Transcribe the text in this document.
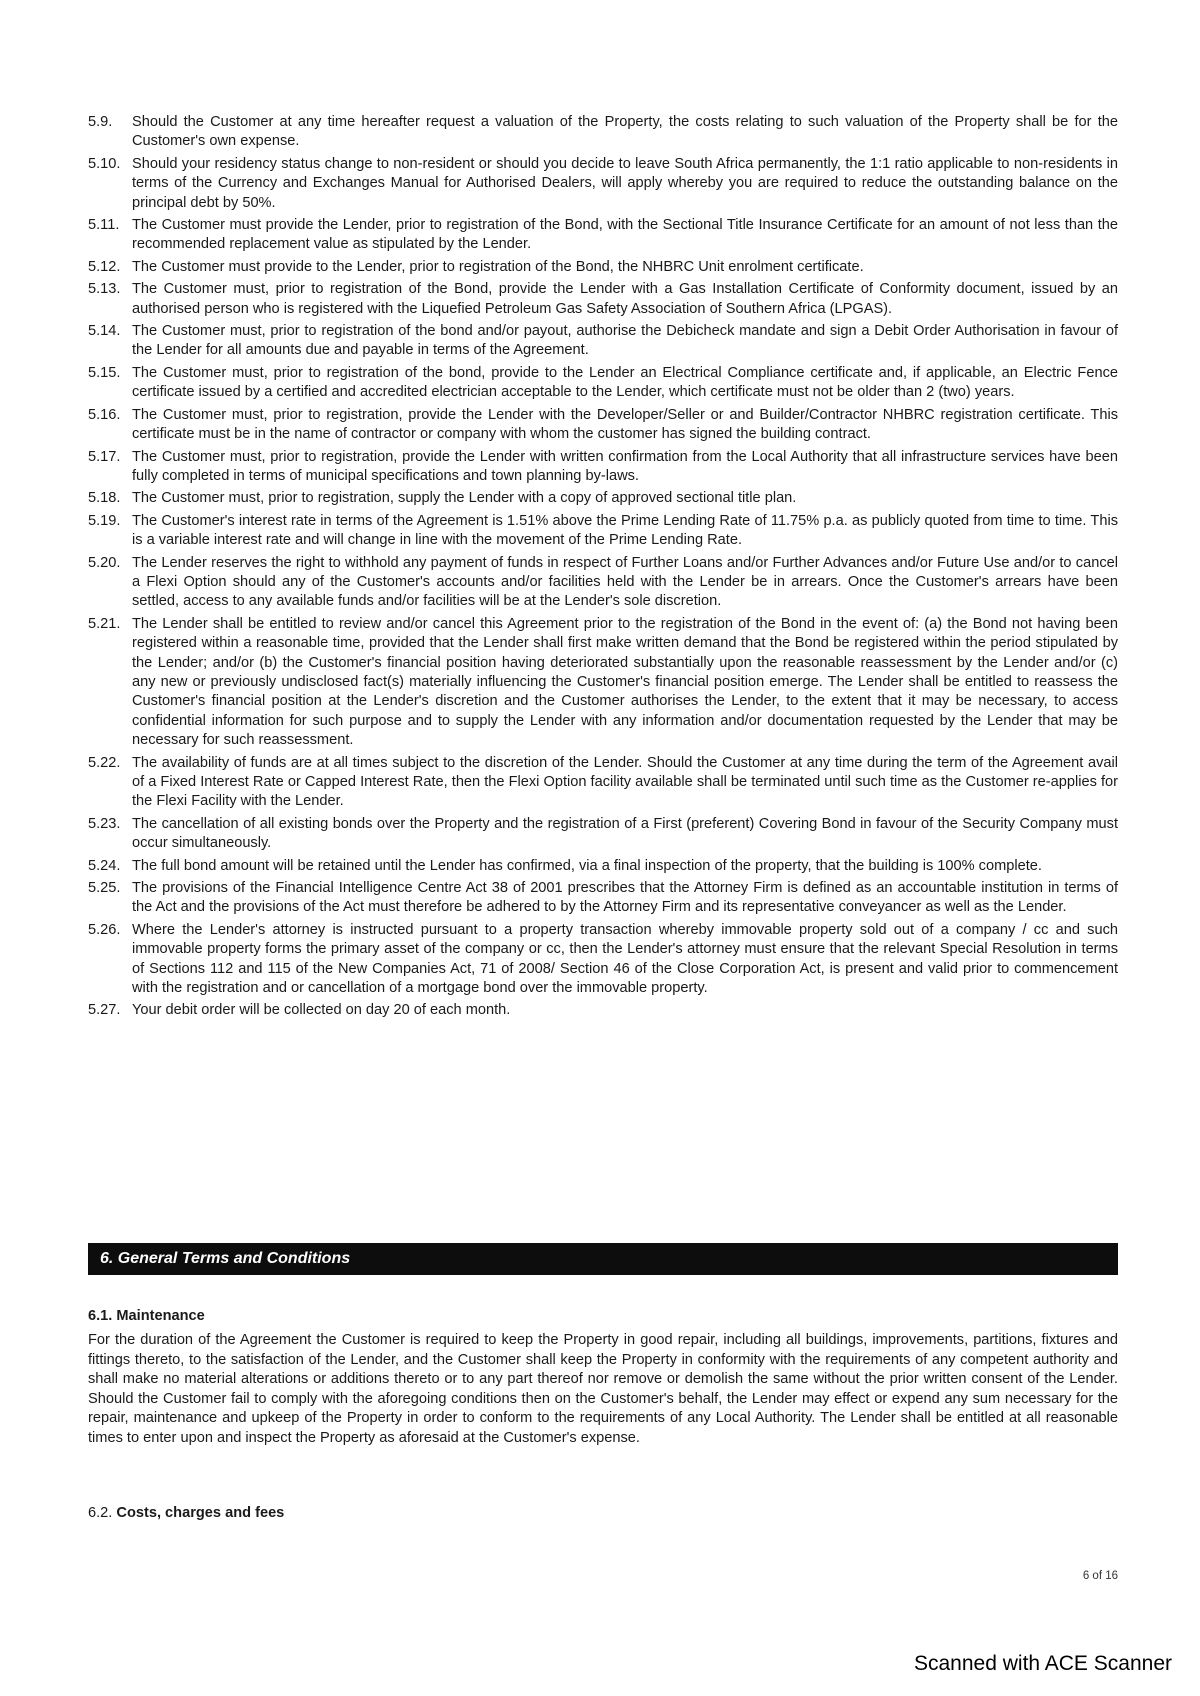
5.9.	Should the Customer at any time hereafter request a valuation of the Property, the costs relating to such valuation of the Property shall be for the Customer's own expense.
5.10. Should your residency status change to non-resident or should you decide to leave South Africa permanently, the 1:1 ratio applicable to non-residents in terms of the Currency and Exchanges Manual for Authorised Dealers, will apply whereby you are required to reduce the outstanding balance on the principal debt by 50%.
5.11. The Customer must provide the Lender, prior to registration of the Bond, with the Sectional Title Insurance Certificate for an amount of not less than the recommended replacement value as stipulated by the Lender.
5.12. The Customer must provide to the Lender, prior to registration of the Bond, the NHBRC Unit enrolment certificate.
5.13. The Customer must, prior to registration of the Bond, provide the Lender with a Gas Installation Certificate of Conformity document, issued by an authorised person who is registered with the Liquefied Petroleum Gas Safety Association of Southern Africa (LPGAS).
5.14. The Customer must, prior to registration of the bond and/or payout, authorise the Debicheck mandate and sign a Debit Order Authorisation in favour of the Lender for all amounts due and payable in terms of the Agreement.
5.15. The Customer must, prior to registration of the bond, provide to the Lender an Electrical Compliance certificate and, if applicable, an Electric Fence certificate issued by a certified and accredited electrician acceptable to the Lender, which certificate must not be older than 2 (two) years.
5.16. The Customer must, prior to registration, provide the Lender with the Developer/Seller or and Builder/Contractor NHBRC registration certificate. This certificate must be in the name of contractor or company with whom the customer has signed the building contract.
5.17. The Customer must, prior to registration, provide the Lender with written confirmation from the Local Authority that all infrastructure services have been fully completed in terms of municipal specifications and town planning by-laws.
5.18. The Customer must, prior to registration, supply the Lender with a copy of approved sectional title plan.
5.19. The Customer's interest rate in terms of the Agreement is 1.51% above the Prime Lending Rate of 11.75% p.a. as publicly quoted from time to time. This is a variable interest rate and will change in line with the movement of the Prime Lending Rate.
5.20. The Lender reserves the right to withhold any payment of funds in respect of Further Loans and/or Further Advances and/or Future Use and/or to cancel a Flexi Option should any of the Customer's accounts and/or facilities held with the Lender be in arrears. Once the Customer's arrears have been settled, access to any available funds and/or facilities will be at the Lender's sole discretion.
5.21. The Lender shall be entitled to review and/or cancel this Agreement prior to the registration of the Bond in the event of: (a) the Bond not having been registered within a reasonable time, provided that the Lender shall first make written demand that the Bond be registered within the period stipulated by the Lender; and/or (b) the Customer's financial position having deteriorated substantially upon the reasonable reassessment by the Lender and/or (c) any new or previously undisclosed fact(s) materially influencing the Customer's financial position emerge. The Lender shall be entitled to reassess the Customer's financial position at the Lender's discretion and the Customer authorises the Lender, to the extent that it may be necessary, to access confidential information for such purpose and to supply the Lender with any information and/or documentation requested by the Lender that may be necessary for such reassessment.
5.22. The availability of funds are at all times subject to the discretion of the Lender. Should the Customer at any time during the term of the Agreement avail of a Fixed Interest Rate or Capped Interest Rate, then the Flexi Option facility available shall be terminated until such time as the Customer re-applies for the Flexi Facility with the Lender.
5.23. The cancellation of all existing bonds over the Property and the registration of a First (preferent) Covering Bond in favour of the Security Company must occur simultaneously.
5.24. The full bond amount will be retained until the Lender has confirmed, via a final inspection of the property, that the building is 100% complete.
5.25. The provisions of the Financial Intelligence Centre Act 38 of 2001 prescribes that the Attorney Firm is defined as an accountable institution in terms of the Act and the provisions of the Act must therefore be adhered to by the Attorney Firm and its representative conveyancer as well as the Lender.
5.26. Where the Lender's attorney is instructed pursuant to a property transaction whereby immovable property sold out of a company / cc and such immovable property forms the primary asset of the company or cc, then the Lender's attorney must ensure that the relevant Special Resolution in terms of Sections 112 and 115 of the New Companies Act, 71 of 2008/ Section 46 of the Close Corporation Act, is present and valid prior to commencement with the registration and or cancellation of a mortgage bond over the immovable property.
5.27. Your debit order will be collected on day 20 of each month.
6. General Terms and Conditions
6.1. Maintenance
For the duration of the Agreement the Customer is required to keep the Property in good repair, including all buildings, improvements, partitions, fixtures and fittings thereto, to the satisfaction of the Lender, and the Customer shall keep the Property in conformity with the requirements of any competent authority and shall make no material alterations or additions thereto or to any part thereof nor remove or demolish the same without the prior written consent of the Lender. Should the Customer fail to comply with the aforegoing conditions then on the Customer's behalf, the Lender may effect or expend any sum necessary for the repair, maintenance and upkeep of the Property in order to conform to the requirements of any Local Authority. The Lender shall be entitled at all reasonable times to enter upon and inspect the Property as aforesaid at the Customer's expense.
6.2. Costs, charges and fees
6 of 16
Scanned with ACE Scanner
